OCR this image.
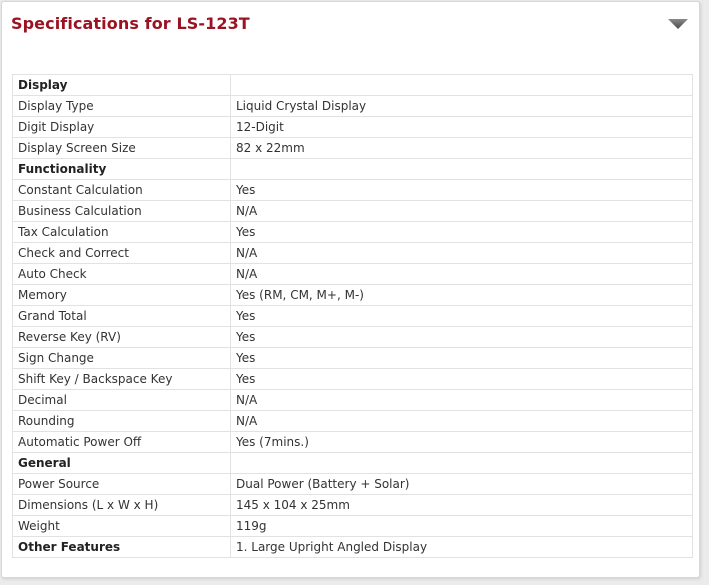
Specifications for LS-123T
Display	
Display Type	Liquid Crystal Display
Digit Display	12-Digit
Display Screen Size	82 x 22mm
Functionality	
Constant Calculation	Yes
Business Calculation	N/A
Tax Calculation	Yes
Check and Correct	N/A
Auto Check	N/A
Memory	Yes (RM, CM, M+, M-)
Grand Total	Yes
Reverse Key (RV)	Yes
Sign Change	Yes
Shift Key / Backspace Key	Yes
Decimal	N/A
Rounding	N/A
Automatic Power Off	Yes (7mins.)
General	
Power Source	Dual Power (Battery + Solar)
Dimensions (L x W x H)	145 x 104 x 25mm
Weight	119g
Other Features	1. Large Upright Angled Display
